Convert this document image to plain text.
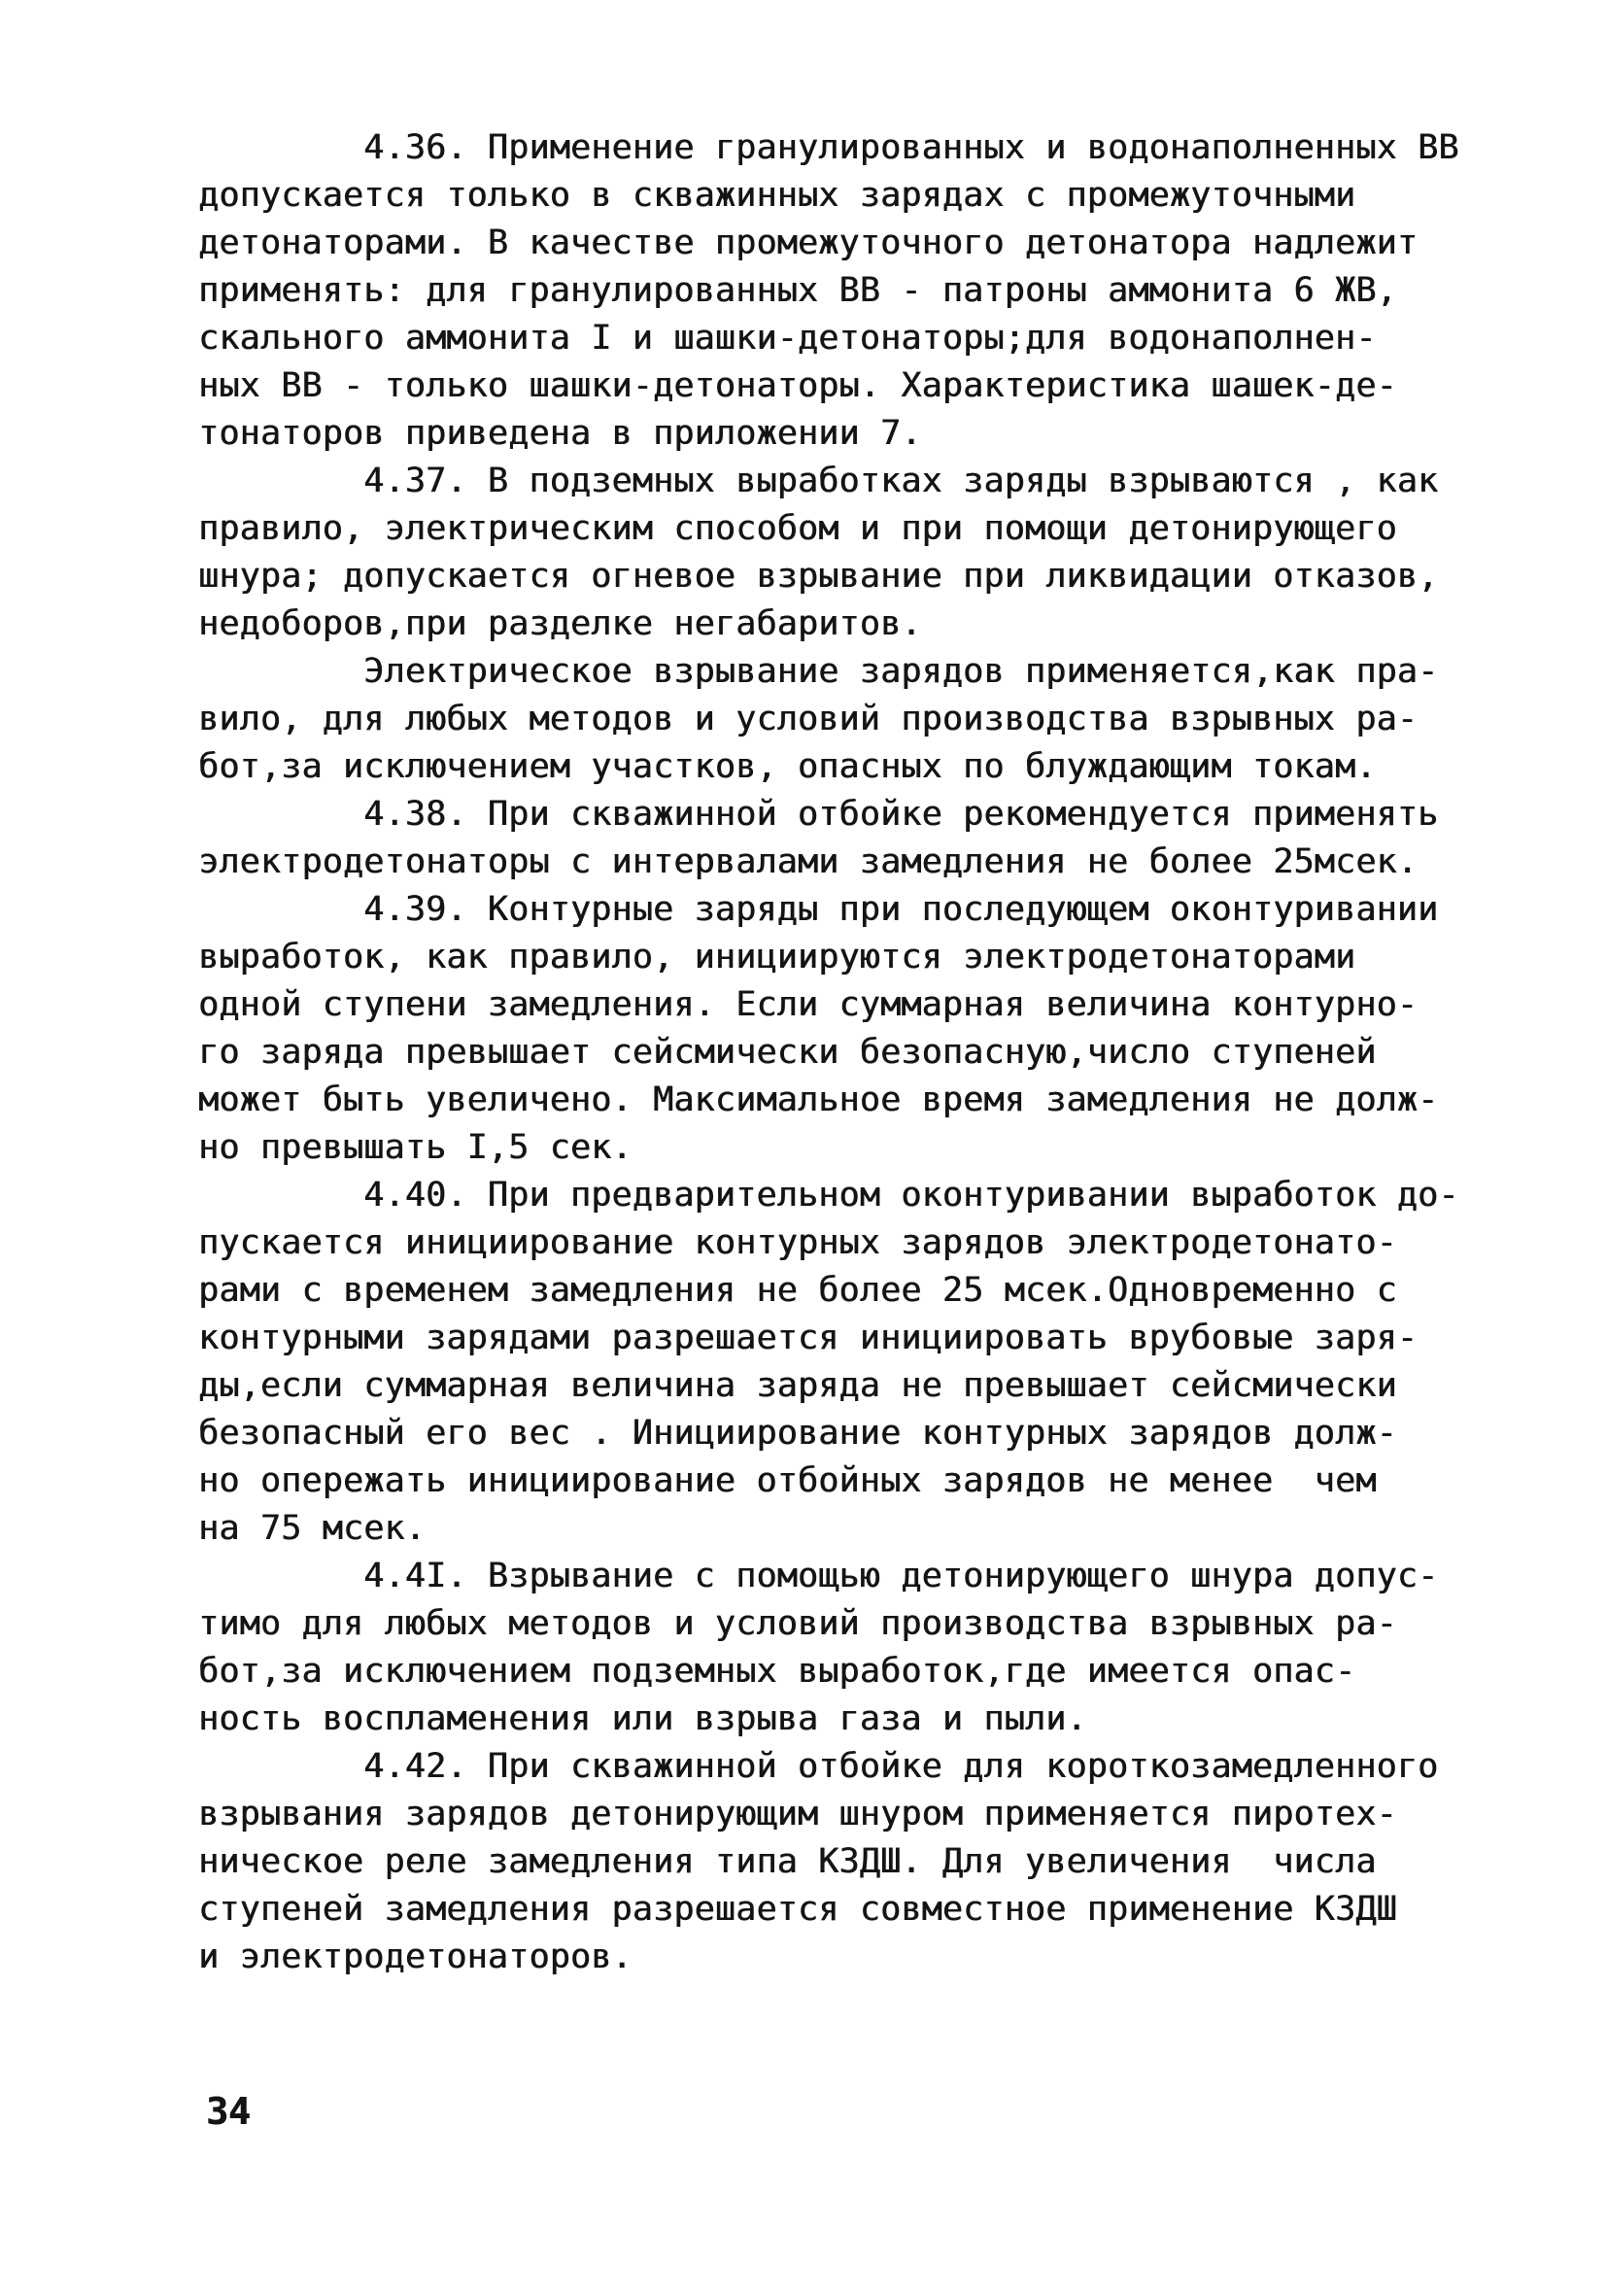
4.36. Применение гранулированных и водонаполненных ВВ
допускается только в скважинных зарядах с промежуточными
детонаторами. В качестве промежуточного детонатора надлежит
применять: для гранулированных ВВ - патроны аммонита 6 ЖВ,
скального аммонита I и шашки-детонаторы;для водонаполнен-
ных ВВ - только шашки-детонаторы. Характеристика шашек-де-
тонаторов приведена в приложении 7.
4.37. В подземных выработках заряды взрываются , как
правило, электрическим способом и при помощи детонирующего
шнура; допускается огневое взрывание при ликвидации отказов,
недоборов,при разделке негабаритов.
Электрическое взрывание зарядов применяется,как пра-
вило, для любых методов и условий производства взрывных ра-
бот,за исключением участков, опасных по блуждающим токам.
4.38. При скважинной отбойке рекомендуется применять
электродетонаторы с интервалами замедления не более 25мсек.
4.39. Контурные заряды при последующем оконтуривании
выработок, как правило, инициируются электродетонаторами
одной ступени замедления. Если суммарная величина контурно-
го заряда превышает сейсмически безопасную,число ступеней
может быть увеличено. Максимальное время замедления не долж-
но превышать I,5 сек.
4.40. При предварительном оконтуривании выработок до-
пускается инициирование контурных зарядов электродетонато-
рами с временем замедления не более 25 мсек.Одновременно с
контурными зарядами разрешается инициировать врубовые заря-
ды,если суммарная величина заряда не превышает сейсмически
безопасный его вес . Инициирование контурных зарядов долж-
но опережать инициирование отбойных зарядов не менее  чем
на 75 мсек.
4.4I. Взрывание с помощью детонирующего шнура допус-
тимо для любых методов и условий производства взрывных ра-
бот,за исключением подземных выработок,где имеется опас-
ность воспламенения или взрыва газа и пыли.
4.42. При скважинной отбойке для короткозамедленного
взрывания зарядов детонирующим шнуром применяется пиротех-
ническое реле замедления типа КЗДШ. Для увеличения  числа
ступеней замедления разрешается совместное применение КЗДШ
и электродетонаторов.
34
